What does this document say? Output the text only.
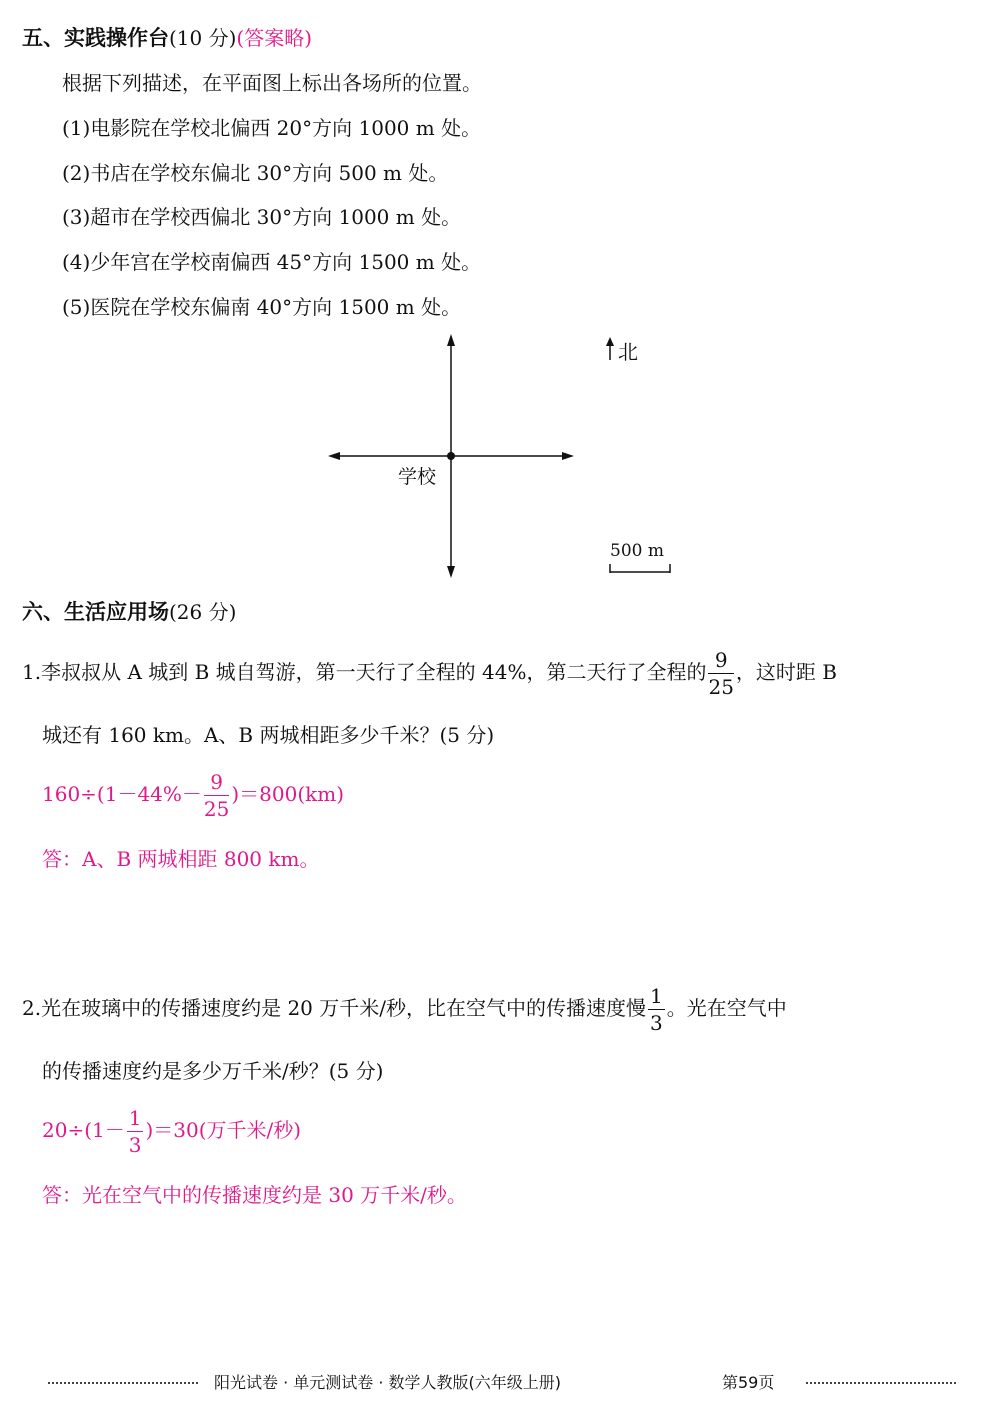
五、实践操作台(10 分)(答案略)
根据下列描述，在平面图上标出各场所的位置。
(1)电影院在学校北偏西 20°方向 1000 m 处。
(2)书店在学校东偏北 30°方向 500 m 处。
(3)超市在学校西偏北 30°方向 1000 m 处。
(4)少年宫在学校南偏西 45°方向 1500 m 处。
(5)医院在学校东偏南 40°方向 1500 m 处。
北
学校
500 m
六、生活应用场(26 分)
1.李叔叔从 A 城到 B 城自驾游，第一天行了全程的 44%，第二天行了全程的 $\frac{9}{25}$ ，这时距 B
城还有 160 km。A、B 两城相距多少千米？(5 分)
$160\div(1-44\%- \frac{9}{25} )=800(km)$
答：A、B 两城相距 800 km。
2.光在玻璃中的传播速度约是 20 万千米/秒，比在空气中的传播速度慢 $\frac{1}{3}$ 。光在空气中
的传播速度约是多少万千米/秒？(5 分)
$20\div(1- \frac{1}{3} )=30$(万千米/秒)
答：光在空气中的传播速度约是 30 万千米/秒。
阳光试卷 · 单元测试卷 · 数学人教版(六年级上册)	第59页
